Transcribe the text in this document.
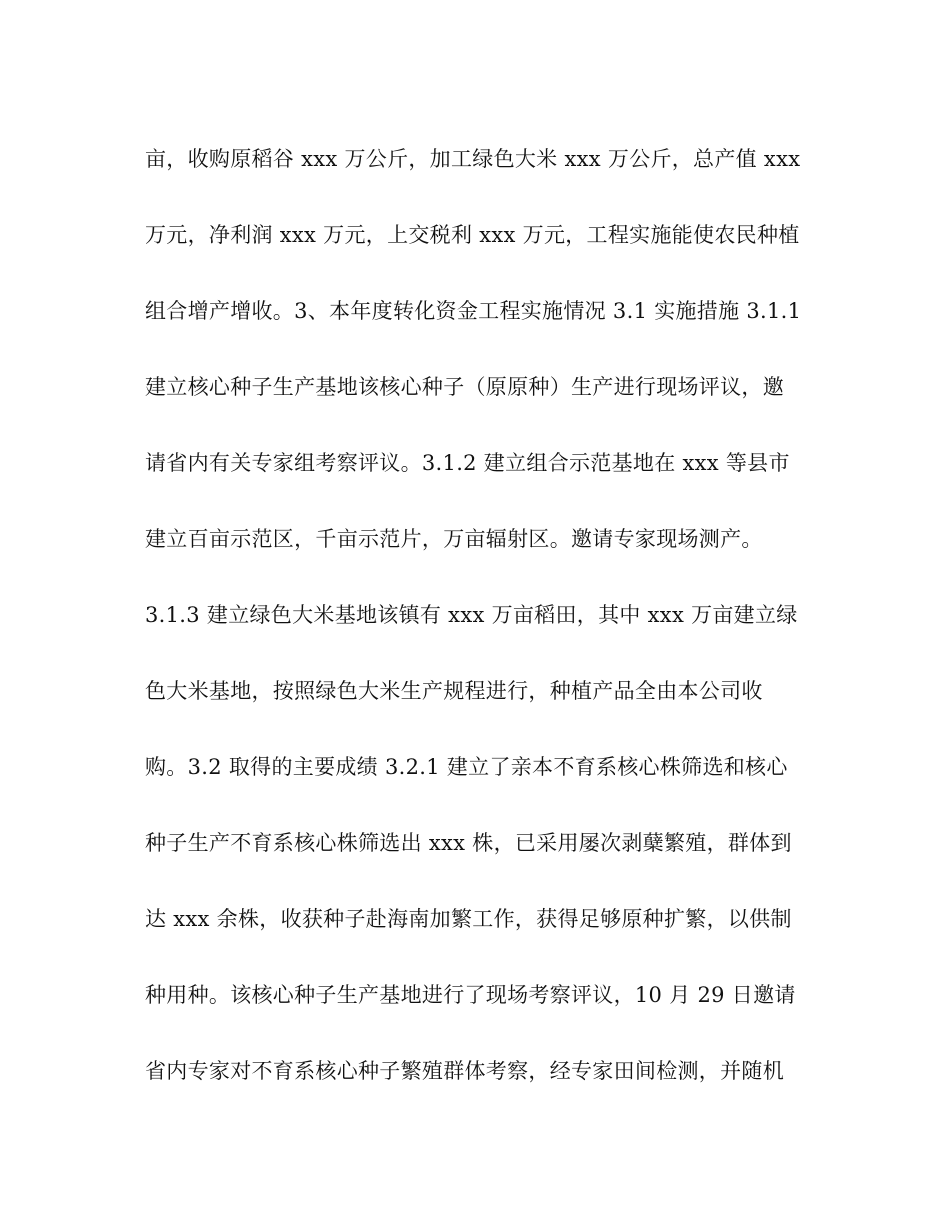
亩，收购原稻谷 xxx 万公斤，加工绿色大米 xxx 万公斤，总产值 xxx
万元，净利润 xxx 万元，上交税利 xxx 万元，工程实施能使农民种植
组合增产增收。3、本年度转化资金工程实施情况 3.1 实施措施 3.1.1
建立核心种子生产基地该核心种子（原原种）生产进行现场评议，邀
请省内有关专家组考察评议。3.1.2 建立组合示范基地在 xxx 等县市
建立百亩示范区，千亩示范片，万亩辐射区。邀请专家现场测产。
3.1.3 建立绿色大米基地该镇有 xxx 万亩稻田，其中 xxx 万亩建立绿
色大米基地，按照绿色大米生产规程进行，种植产品全由本公司收
购。3.2 取得的主要成绩 3.2.1 建立了亲本不育系核心株筛选和核心
种子生产不育系核心株筛选出 xxx 株，已采用屡次剥蘖繁殖，群体到
达 xxx 余株，收获种子赴海南加繁工作，获得足够原种扩繁，以供制
种用种。该核心种子生产基地进行了现场考察评议，10 月 29 日邀请
省内专家对不育系核心种子繁殖群体考察，经专家田间检测，并随机
